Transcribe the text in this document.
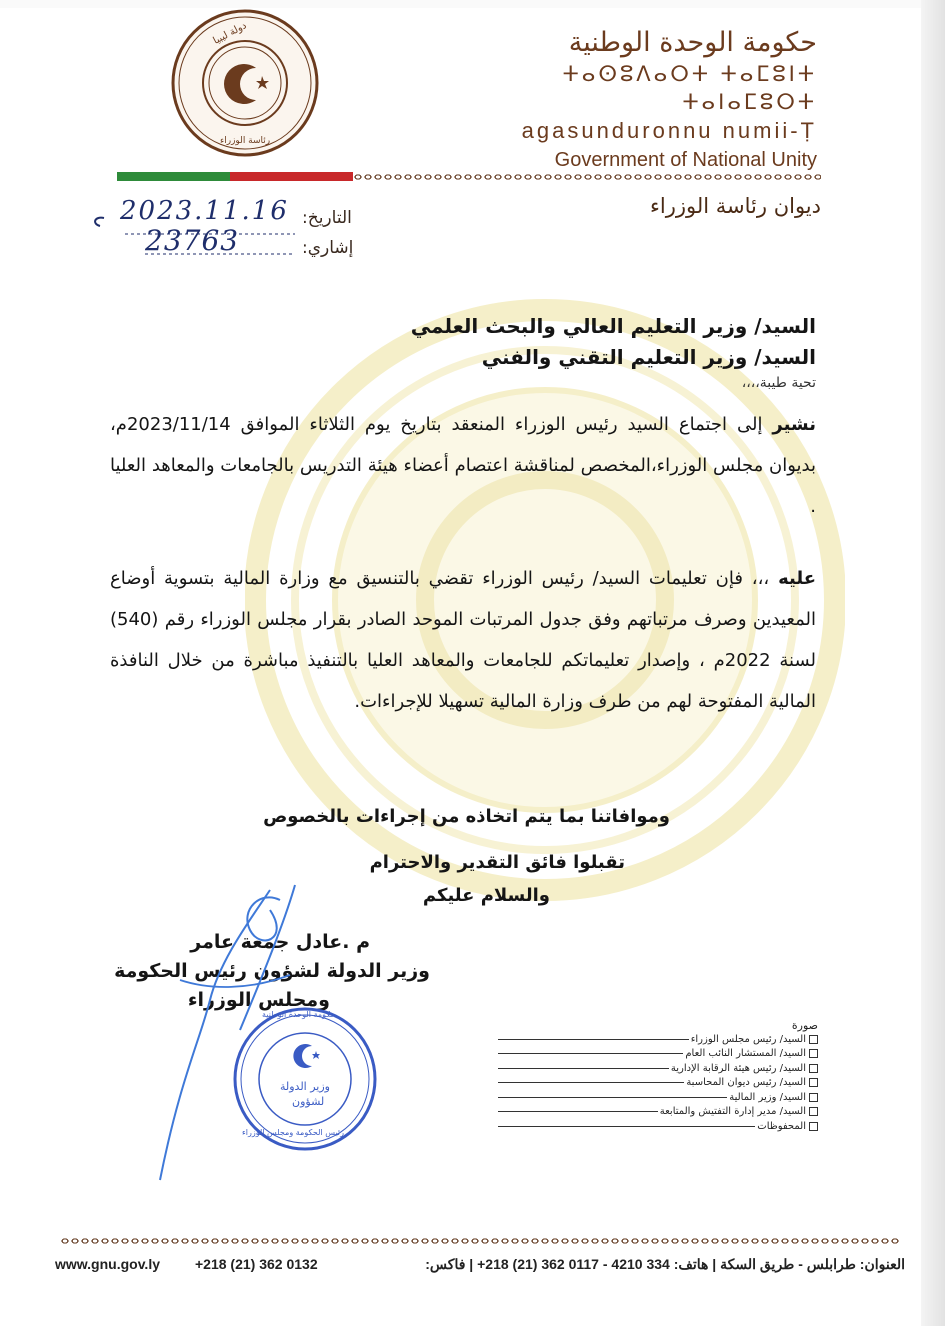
دولة ليبيا
رئاسة الوزراء
حكومة الوحدة الوطنية
ⵜⴰⵙⵓⴷⴰⵔⵜ ⵜⴰⵎⵓⵏⵜ ⵜⴰⵏⴰⵎⵓⵔⵜ
agasunduronnu numii-Ṭ
Government of National Unity
ديوان رئاسة الوزراء
التاريخ:
إشاري:
2023.11.16
23763
السيد/ وزير التعليم العالي والبحث العلمي
السيد/ وزير التعليم التقني والفني
تحية طيبة،،،،
نشير إلى اجتماع السيد رئيس الوزراء المنعقد بتاريخ يوم الثلاثاء الموافق 2023/11/14م، بديوان مجلس الوزراء،المخصص لمناقشة اعتصام أعضاء هيئة التدريس بالجامعات والمعاهد العليا .
عليه ،،، فإن تعليمات السيد/ رئيس الوزراء تقضي بالتنسيق مع وزارة المالية بتسوية أوضاع المعيدين وصرف مرتباتهم وفق جدول المرتبات الموحد الصادر بقرار مجلس الوزراء رقم (540) لسنة 2022م ، وإصدار تعليماتكم للجامعات والمعاهد العليا بالتنفيذ مباشرة من خلال النافذة المالية المفتوحة لهم من طرف وزارة المالية تسهيلا للإجراءات.
وموافاتنا بما يتم اتخاذه من إجراءات بالخصوص
تقبلوا فائق التقدير والاحترام
والسلام عليكم
م .عادل جمعة عامر
وزير الدولة لشؤون رئيس الحكومة
ومجلس الوزراء
وزير الدولة
لشؤون
حكومة الوحدة الوطنية
رئيس الحكومة ومجلس الوزراء
صورة
السيد/ رئيس مجلس الوزراء
السيد/ المستشار النائب العام
السيد/ رئيس هيئة الرقابة الإدارية
السيد/ رئيس ديوان المحاسبة
السيد/ وزير المالية
السيد/ مدير إدارة التفتيش والمتابعة
المحفوظات
العنوان: طرابلس - طريق السكة | هاتف: 334 4210 - 0117 362 (21) 218+ | فاكس:
+218 (21) 362 0132
www.gnu.gov.ly
